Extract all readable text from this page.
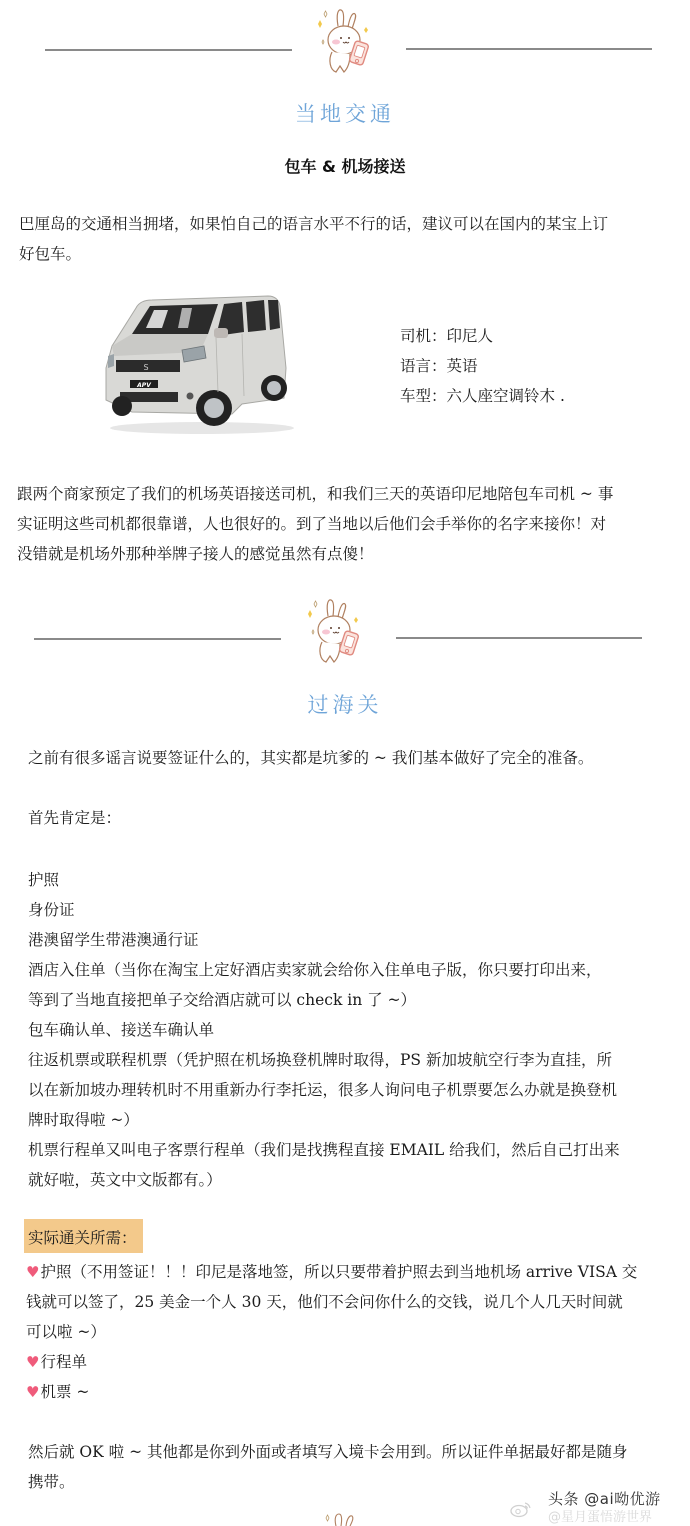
当地交通
包车 & 机场接送
巴厘岛的交通相当拥堵，如果怕自己的语言水平不行的话，建议可以在国内的某宝上订
好包车。
S
APV
司机：印尼人
语言：英语
车型：六人座空调铃木 .
跟两个商家预定了我们的机场英语接送司机，和我们三天的英语印尼地陪包车司机 ~ 事
实证明这些司机都很靠谱，人也很好的。到了当地以后他们会手举你的名字来接你！对
没错就是机场外那种举牌子接人的感觉虽然有点傻！
过海关
之前有很多谣言说要签证什么的，其实都是坑爹的 ~ 我们基本做好了完全的准备。
首先肯定是：
护照
身份证
港澳留学生带港澳通行证
酒店入住单（当你在淘宝上定好酒店卖家就会给你入住单电子版，你只要打印出来，
等到了当地直接把单子交给酒店就可以 check in 了 ~）
包车确认单、接送车确认单
往返机票或联程机票（凭护照在机场换登机牌时取得，PS 新加坡航空行李为直挂，所
以在新加坡办理转机时不用重新办行李托运，很多人询问电子机票要怎么办就是换登机
牌时取得啦 ~）
机票行程单又叫电子客票行程单（我们是找携程直接 EMAIL 给我们，然后自己打出来
就好啦，英文中文版都有。）
实际通关所需：
♥护照（不用签证！！！印尼是落地签，所以只要带着护照去到当地机场 arrive VISA 交
钱就可以签了，25 美金一个人 30 天，他们不会问你什么的交钱，说几个人几天时间就
可以啦 ~）
♥行程单
♥机票 ~
然后就 OK 啦 ~ 其他都是你到外面或者填写入境卡会用到。所以证件单据最好都是随身
携带。
头条 @ai呦优游
@星月蛋悟游世界
